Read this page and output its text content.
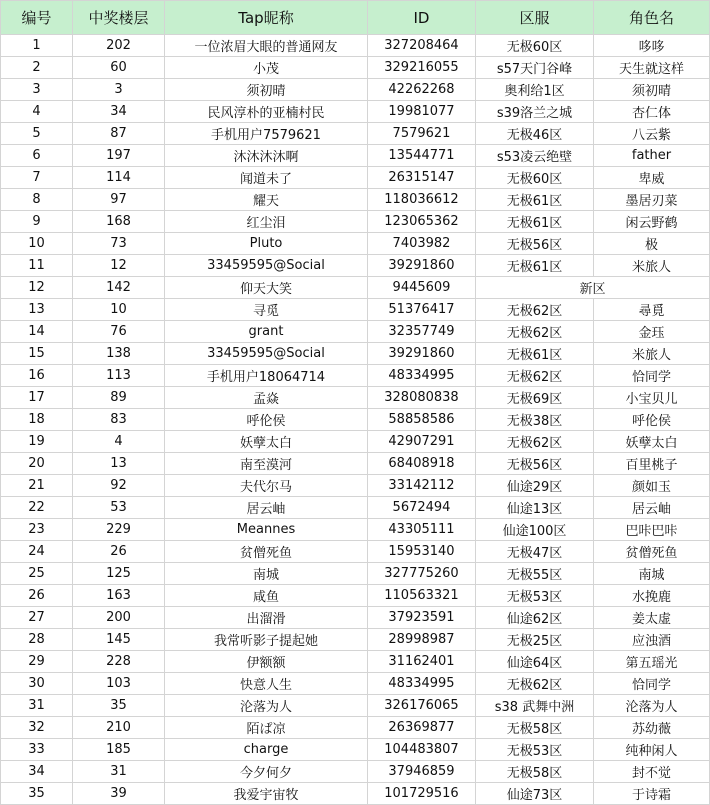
编号	中奖楼层	Tap昵称	ID	区服	角色名
1	202	一位浓眉大眼的普通网友	327208464	无极60区	哆哆
2	60	小茂	329216055	s57天门谷峰	天生就这样
3	3	须初晴	42262268	奥利给1区	须初晴
4	34	民风淳朴的亚楠村民	19981077	s39洛兰之城	杏仁体
5	87	手机用户7579621	7579621	无极46区	八云紫
6	197	沐沐沐沐啊	13544771	s53凌云绝壁	father
7	114	闻道未了	26315147	无极60区	卑威
8	97	耀天	118036612	无极61区	墨居刃菜
9	168	红尘泪	123065362	无极61区	闲云野鹤
10	73	Pluto	7403982	无极56区	极
11	12	33459595@Social	39291860	无极61区	米旅人
12	142	仰天大笑	9445609	新区	
13	10	寻觅	51376417	无极62区	尋覓
14	76	grant	32357749	无极62区	金珏
15	138	33459595@Social	39291860	无极61区	米旅人
16	113	手机用户18064714	48334995	无极62区	恰同学
17	89	孟焱	328080838	无极69区	小宝贝儿
18	83	呼伦侯	58858586	无极38区	呼伦侯
19	4	妖孽太白	42907291	无极62区	妖孽太白
20	13	南至漠河	68408918	无极56区	百里桃子
21	92	夫代尔马	33142112	仙途29区	颜如玉
22	53	居云岫	5672494	仙途13区	居云岫
23	229	Meannes	43305111	仙途100区	巴咔巴咔
24	26	贫僧死鱼	15953140	无极47区	贫僧死鱼
25	125	南城	327775260	无极55区	南城
26	163	咸鱼	110563321	无极53区	水挽鹿
27	200	出溜滑	37923591	仙途62区	姜太虚
28	145	我常听影子提起她	28998987	无极25区	应浊酒
29	228	伊额额	31162401	仙途64区	第五瑶光
30	103	快意人生	48334995	无极62区	恰同学
31	35	沦落为人	326176065	s38 武舞中洲	沦落为人
32	210	陌ぱ凉	26369877	无极58区	苏幼薇
33	185	charge	104483807	无极53区	纯种闲人
34	31	今夕何夕	37946859	无极58区	封不觉
35	39	我爱宇宙牧	101729516	仙途73区	于诗霜
